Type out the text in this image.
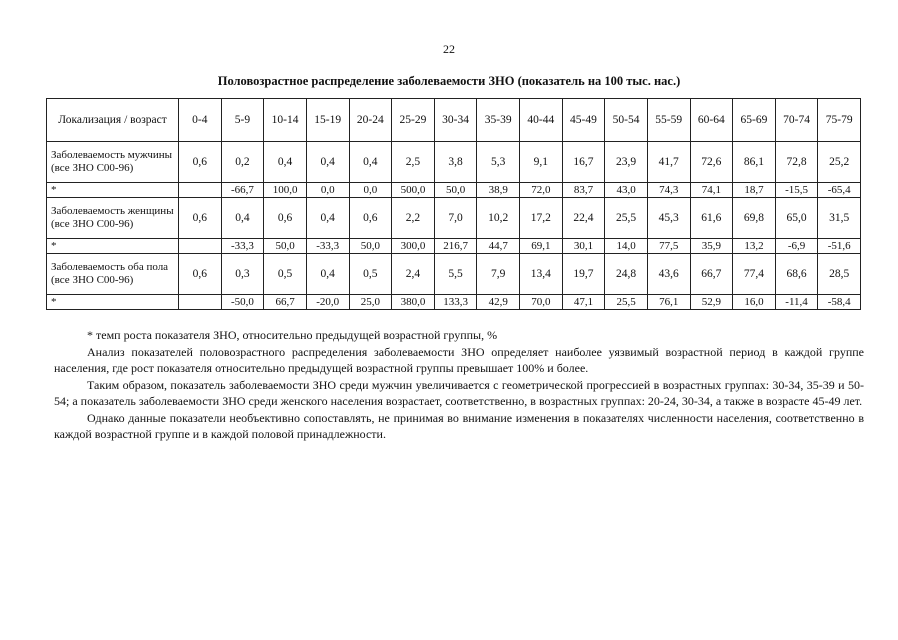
22
Половозрастное распределение заболеваемости ЗНО (показатель на 100 тыс. нас.)
Локализация / возраст	0-4	5-9	10-14	15-19	20-24	25-29	30-34	35-39	40-44	45-49	50-54	55-59	60-64	65-69	70-74	75-79
Заболеваемость мужчины (все ЗНО С00-96)	0,6	0,2	0,4	0,4	0,4	2,5	3,8	5,3	9,1	16,7	23,9	41,7	72,6	86,1	72,8	25,2
*		-66,7	100,0	0,0	0,0	500,0	50,0	38,9	72,0	83,7	43,0	74,3	74,1	18,7	-15,5	-65,4
Заболеваемость женщины (все ЗНО С00-96)	0,6	0,4	0,6	0,4	0,6	2,2	7,0	10,2	17,2	22,4	25,5	45,3	61,6	69,8	65,0	31,5
*		-33,3	50,0	-33,3	50,0	300,0	216,7	44,7	69,1	30,1	14,0	77,5	35,9	13,2	-6,9	-51,6
Заболеваемость оба пола (все ЗНО С00-96)	0,6	0,3	0,5	0,4	0,5	2,4	5,5	7,9	13,4	19,7	24,8	43,6	66,7	77,4	68,6	28,5
*		-50,0	66,7	-20,0	25,0	380,0	133,3	42,9	70,0	47,1	25,5	76,1	52,9	16,0	-11,4	-58,4

* темп роста показателя ЗНО, относительно предыдущей возрастной группы, %

Анализ показателей половозрастного распределения заболеваемости ЗНО определяет наиболее уязвимый возрастной период в каждой группе населения, где рост показателя относительно предыдущей возрастной группы превышает 100% и более.

Таким образом, показатель заболеваемости ЗНО среди мужчин увеличивается с геометрической прогрессией в возрастных группах: 30-34, 35-39 и 50-54; а показатель заболеваемости ЗНО среди женского населения возрастает, соответственно, в возрастных группах: 20-24, 30-34, а также в возрасте 45-49 лет.

Однако данные показатели необъективно сопоставлять, не принимая во внимание изменения в показателях численности населения, соответственно в каждой возрастной группе и в каждой половой принадлежности.
